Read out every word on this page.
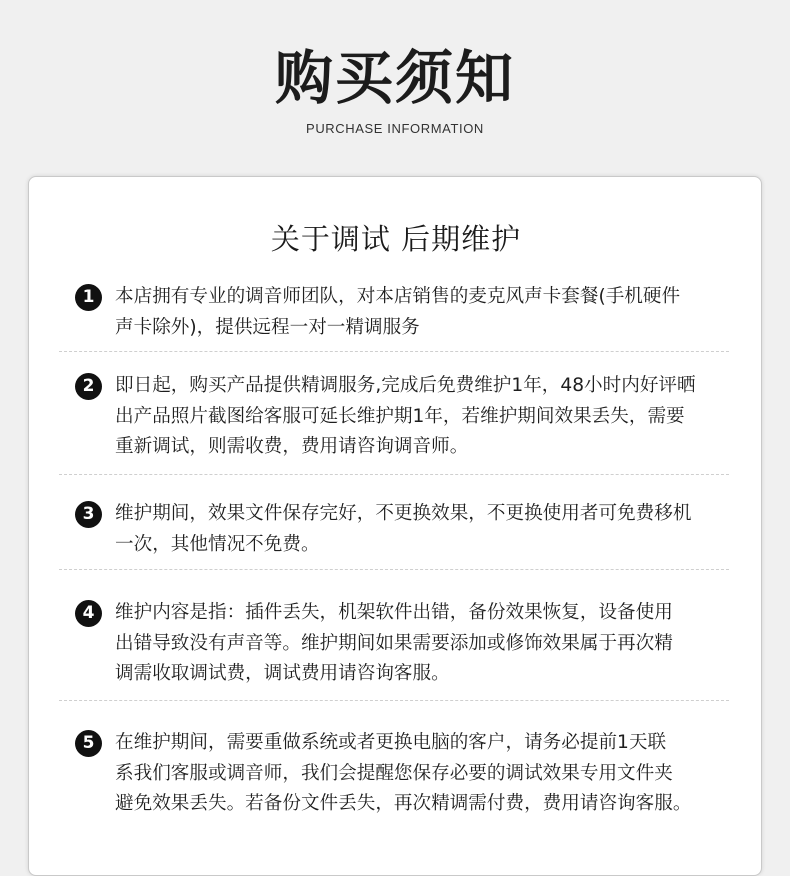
购买须知
PURCHASE INFORMATION
关于调试 后期维护
1	本店拥有专业的调音师团队，对本店销售的麦克风声卡套餐(手机硬件
声卡除外)，提供远程一对一精调服务
2	即日起，购买产品提供精调服务,完成后免费维护1年，48小时内好评晒
出产品照片截图给客服可延长维护期1年，若维护期间效果丢失，需要
重新调试，则需收费，费用请咨询调音师。
3	维护期间，效果文件保存完好，不更换效果，不更换使用者可免费移机
一次，其他情况不免费。
4	维护内容是指：插件丢失，机架软件出错，备份效果恢复，设备使用
出错导致没有声音等。维护期间如果需要添加或修饰效果属于再次精
调需收取调试费，调试费用请咨询客服。
5	在维护期间，需要重做系统或者更换电脑的客户，请务必提前1天联
系我们客服或调音师，我们会提醒您保存必要的调试效果专用文件夹
避免效果丢失。若备份文件丢失，再次精调需付费，费用请咨询客服。
